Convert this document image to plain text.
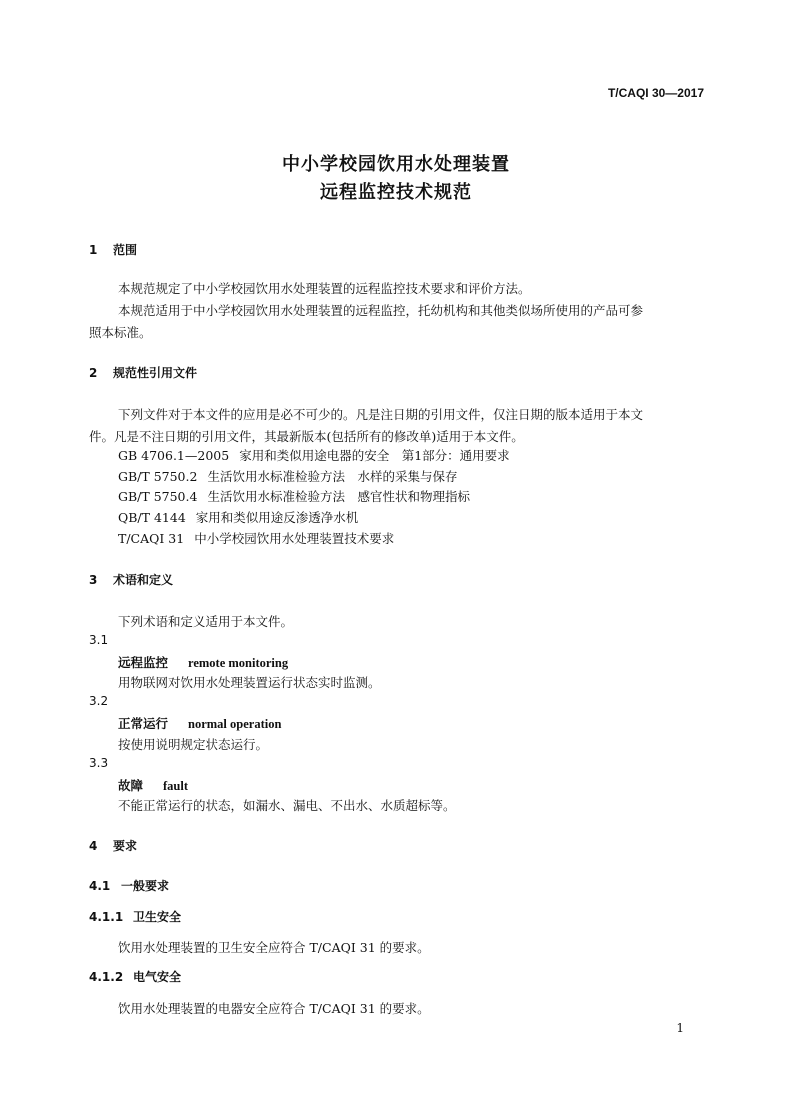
T/CAQI 30—2017
中小学校园饮用水处理装置
远程监控技术规范
1 范围
本规范规定了中小学校园饮用水处理装置的远程监控技术要求和评价方法。
本规范适用于中小学校园饮用水处理装置的远程监控，托幼机构和其他类似场所使用的产品可参
照本标准。
2 规范性引用文件
下列文件对于本文件的应用是必不可少的。凡是注日期的引用文件，仅注日期的版本适用于本文
件。凡是不注日期的引用文件，其最新版本(包括所有的修改单)适用于本文件。
GB 4706.1—2005 家用和类似用途电器的安全　第1部分：通用要求
GB/T 5750.2 生活饮用水标准检验方法　水样的采集与保存
GB/T 5750.4 生活饮用水标准检验方法　感官性状和物理指标
QB/T 4144 家用和类似用途反渗透净水机
T/CAQI 31 中小学校园饮用水处理装置技术要求
3 术语和定义
下列术语和定义适用于本文件。
3.1
远程监控 remote monitoring
用物联网对饮用水处理装置运行状态实时监测。
3.2
正常运行 normal operation
按使用说明规定状态运行。
3.3
故障 fault
不能正常运行的状态，如漏水、漏电、不出水、水质超标等。
4 要求
4.1 一般要求
4.1.1 卫生安全
饮用水处理装置的卫生安全应符合 T/CAQI 31 的要求。
4.1.2 电气安全
饮用水处理装置的电器安全应符合 T/CAQI 31 的要求。
1
